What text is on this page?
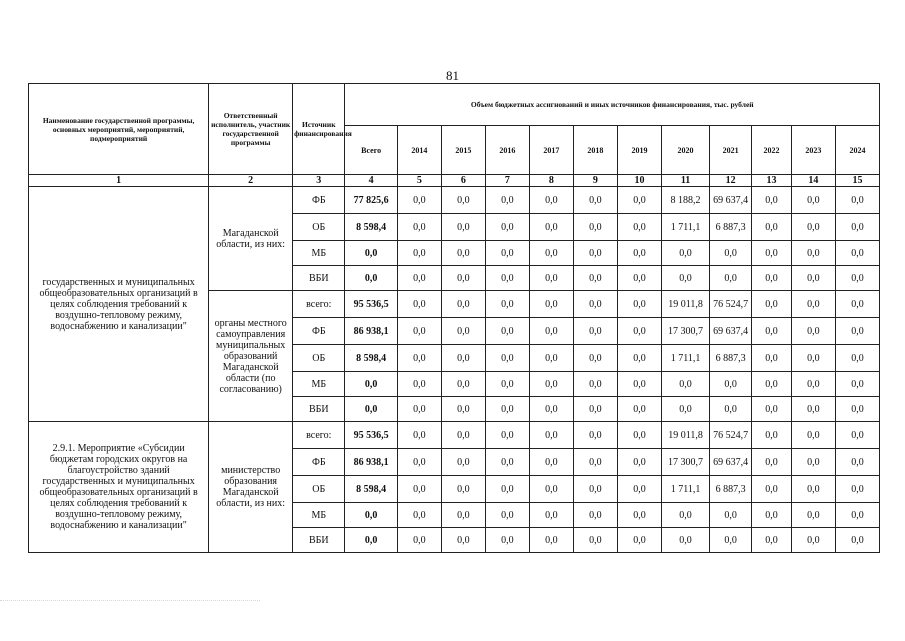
81
Наименование государственной программы, основных мероприятий, мероприятий, подмероприятий	Ответственный исполнитель, участник государственной программы	Источник финансирования	Объем бюджетных ассигнований и иных источников финансирования, тыс. рублей											
			Всего	2014	2015	2016	2017	2018	2019	2020	2021	2022	2023	2024
1	2	3	4	5	6	7	8	9	10	11	12	13	14	15
государственных и муниципальных общеобразовательных организаций в целях соблюдения требований к воздушно-тепловому режиму, водоснабжению и канализации"	Магаданской области, из них:	ФБ	77 825,6	0,0	0,0	0,0	0,0	0,0	0,0	8 188,2	69 637,4	0,0	0,0	0,0
		ОБ	8 598,4	0,0	0,0	0,0	0,0	0,0	0,0	1 711,1	6 887,3	0,0	0,0	0,0
		МБ	0,0	0,0	0,0	0,0	0,0	0,0	0,0	0,0	0,0	0,0	0,0	0,0
		ВБИ	0,0	0,0	0,0	0,0	0,0	0,0	0,0	0,0	0,0	0,0	0,0	0,0
	органы местного самоуправления муниципальных образований Магаданской области (по согласованию)	всего:	95 536,5	0,0	0,0	0,0	0,0	0,0	0,0	19 011,8	76 524,7	0,0	0,0	0,0
		ФБ	86 938,1	0,0	0,0	0,0	0,0	0,0	0,0	17 300,7	69 637,4	0,0	0,0	0,0
		ОБ	8 598,4	0,0	0,0	0,0	0,0	0,0	0,0	1 711,1	6 887,3	0,0	0,0	0,0
		МБ	0,0	0,0	0,0	0,0	0,0	0,0	0,0	0,0	0,0	0,0	0,0	0,0
		ВБИ	0,0	0,0	0,0	0,0	0,0	0,0	0,0	0,0	0,0	0,0	0,0	0,0
2.9.1. Мероприятие «Субсидии бюджетам городских округов на благоустройство зданий государственных и муниципальных общеобразовательных организаций в целях соблюдения требований к воздушно-тепловому режиму, водоснабжению и канализации"	министерство образования Магаданской области, из них:	всего:	95 536,5	0,0	0,0	0,0	0,0	0,0	0,0	19 011,8	76 524,7	0,0	0,0	0,0
		ФБ	86 938,1	0,0	0,0	0,0	0,0	0,0	0,0	17 300,7	69 637,4	0,0	0,0	0,0
		ОБ	8 598,4	0,0	0,0	0,0	0,0	0,0	0,0	1 711,1	6 887,3	0,0	0,0	0,0
		МБ	0,0	0,0	0,0	0,0	0,0	0,0	0,0	0,0	0,0	0,0	0,0	0,0
		ВБИ	0,0	0,0	0,0	0,0	0,0	0,0	0,0	0,0	0,0	0,0	0,0	0,0
